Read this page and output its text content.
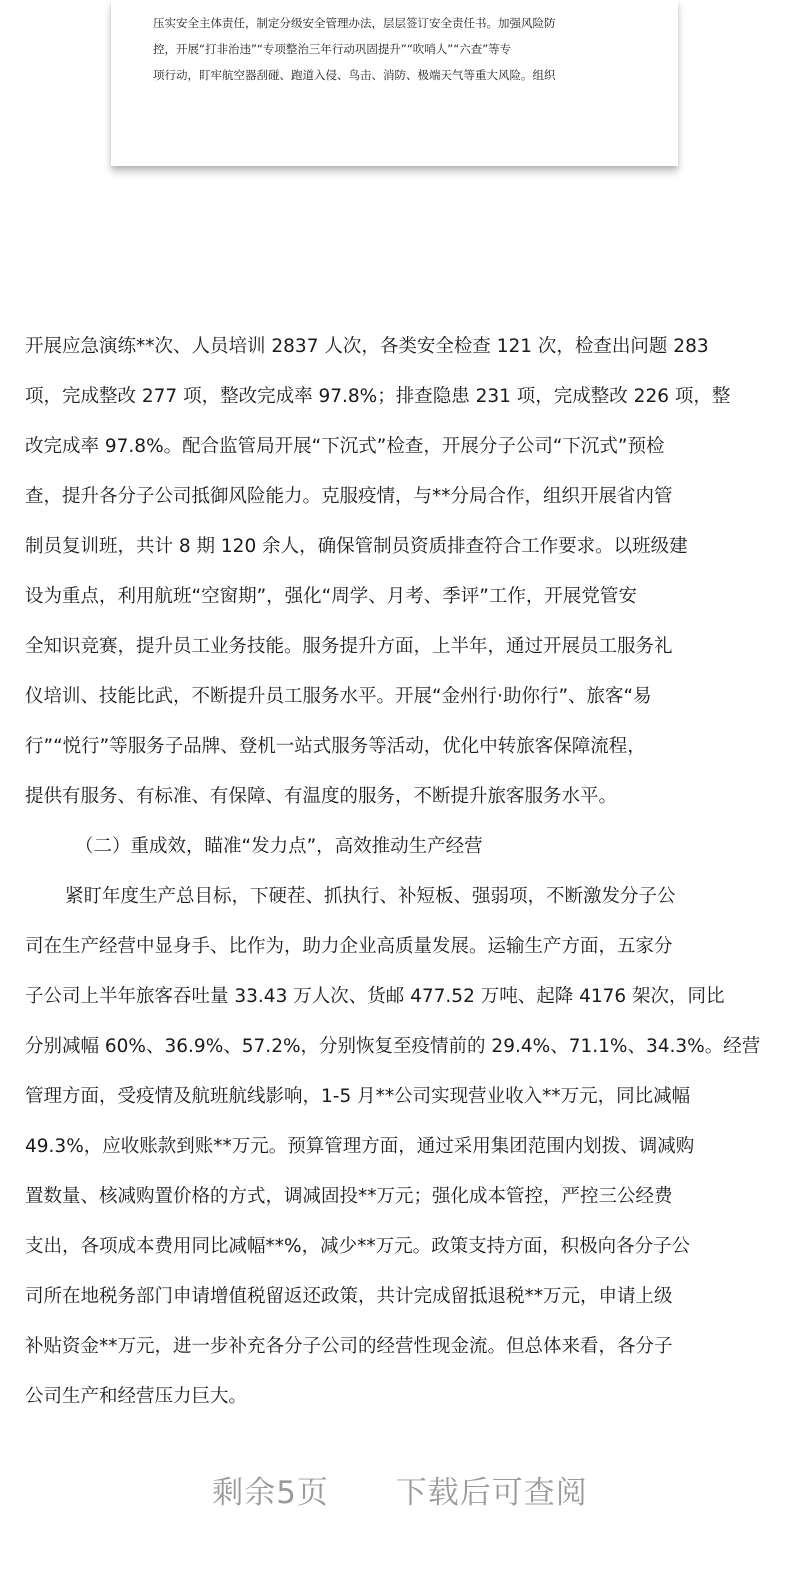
压实安全主体责任，制定分级安全管理办法，层层签订安全责任书。加强风险防
控，开展“打非治违”“专项整治三年行动巩固提升”“吹哨人”“六查”等专
项行动，盯牢航空器刮碰、跑道入侵、鸟击、消防、极端天气等重大风险。组织
开展应急演练**次、人员培训 2837 人次，各类安全检查 121 次，检查出问题 283
项，完成整改 277 项，整改完成率 97.8%；排查隐患 231 项，完成整改 226 项，整
改完成率 97.8%。配合监管局开展“下沉式”检查，开展分子公司“下沉式”预检
查，提升各分子公司抵御风险能力。克服疫情，与**分局合作，组织开展省内管
制员复训班，共计 8 期 120 余人，确保管制员资质排查符合工作要求。以班级建
设为重点，利用航班“空窗期”，强化“周学、月考、季评”工作，开展党管安
全知识竞赛，提升员工业务技能。服务提升方面，上半年，通过开展员工服务礼
仪培训、技能比武，不断提升员工服务水平。开展“金州行·助你行”、旅客“易
行”“悦行”等服务子品牌、登机一站式服务等活动，优化中转旅客保障流程，
提供有服务、有标准、有保障、有温度的服务，不断提升旅客服务水平。
（二）重成效，瞄准“发力点”，高效推动生产经营
紧盯年度生产总目标，下硬茬、抓执行、补短板、强弱项，不断激发分子公
司在生产经营中显身手、比作为，助力企业高质量发展。运输生产方面，五家分
子公司上半年旅客吞吐量 33.43 万人次、货邮 477.52 万吨、起降 4176 架次，同比
分别减幅 60%、36.9%、57.2%，分别恢复至疫情前的 29.4%、71.1%、34.3%。经营
管理方面，受疫情及航班航线影响，1-5 月**公司实现营业收入**万元，同比减幅
49.3%，应收账款到账**万元。预算管理方面，通过采用集团范围内划拨、调减购
置数量、核减购置价格的方式，调减固投**万元；强化成本管控，严控三公经费
支出，各项成本费用同比减幅**%，减少**万元。政策支持方面，积极向各分子公
司所在地税务部门申请增值税留返还政策，共计完成留抵退税**万元，申请上级
补贴资金**万元，进一步补充各分子公司的经营性现金流。但总体来看，各分子
公司生产和经营压力巨大。
剩余5页 下载后可查阅
